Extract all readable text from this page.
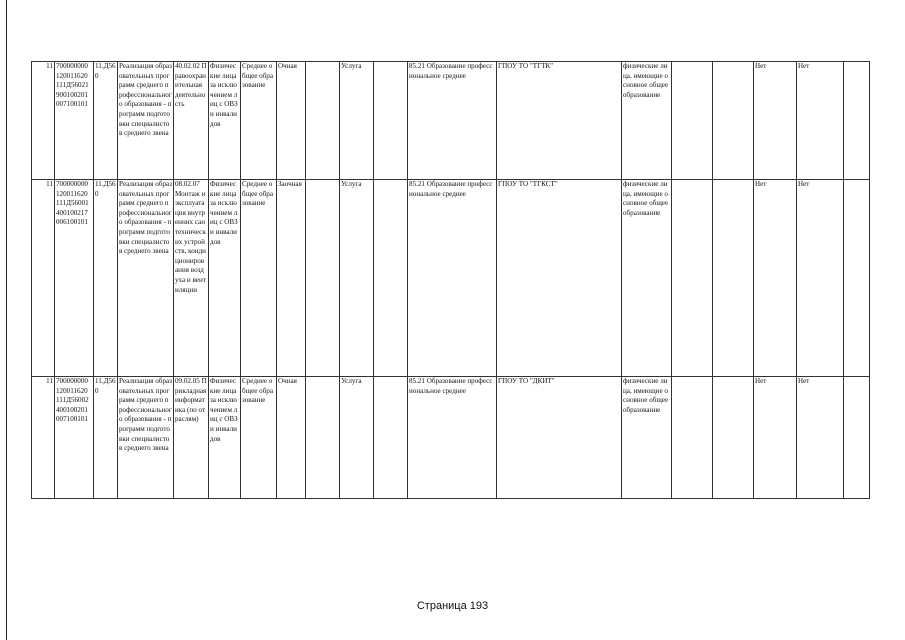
11	700000000 120011620 111Д56021 900100201 007100101	11.Д56 0	Реализация образовательных программ среднего профессионального образования - программ подготовки специалистов среднего звена	40.02.02 Правоохранительная деятельность	Физические лица за исключением лиц с ОВЗ и инвалидов	Среднее общее образование	Очная		Услуга		85.21 Образование профессиональное среднее	ГПОУ ТО "ТГТК"	физические лица, имеющие основное общее образование			Нет	Нет	
11	700000000 120011620 111Д56001 400100217 006100101	11.Д56 0	Реализация образовательных программ среднего профессионального образования - программ подготовки специалистов среднего звена	08.02.07 Монтаж и эксплуатация внутренних сантехнических устройств, кондиционирования воздуха и вентиляции	Физические лица за исключением лиц с ОВЗ и инвалидов	Среднее общее образование	Заочная		Услуга		85.21 Образование профессиональное среднее	ГПОУ ТО "ТГКСТ"	физические лица, имеющие основное общее образование			Нет	Нет	
11	700000000 120011620 111Д56002 400100201 007100101	11.Д56 0	Реализация образовательных программ среднего профессионального образования - программ подготовки специалистов среднего звена	09.02.05 Прикладная информатика (по отраслям)	Физические лица за исключением лиц с ОВЗ и инвалидов	Среднее общее образование	Очная		Услуга		85.21 Образование профессиональное среднее	ГПОУ ТО "ДКИТ"	физические лица, имеющие основное общее образование			Нет	Нет	
Страница 193
